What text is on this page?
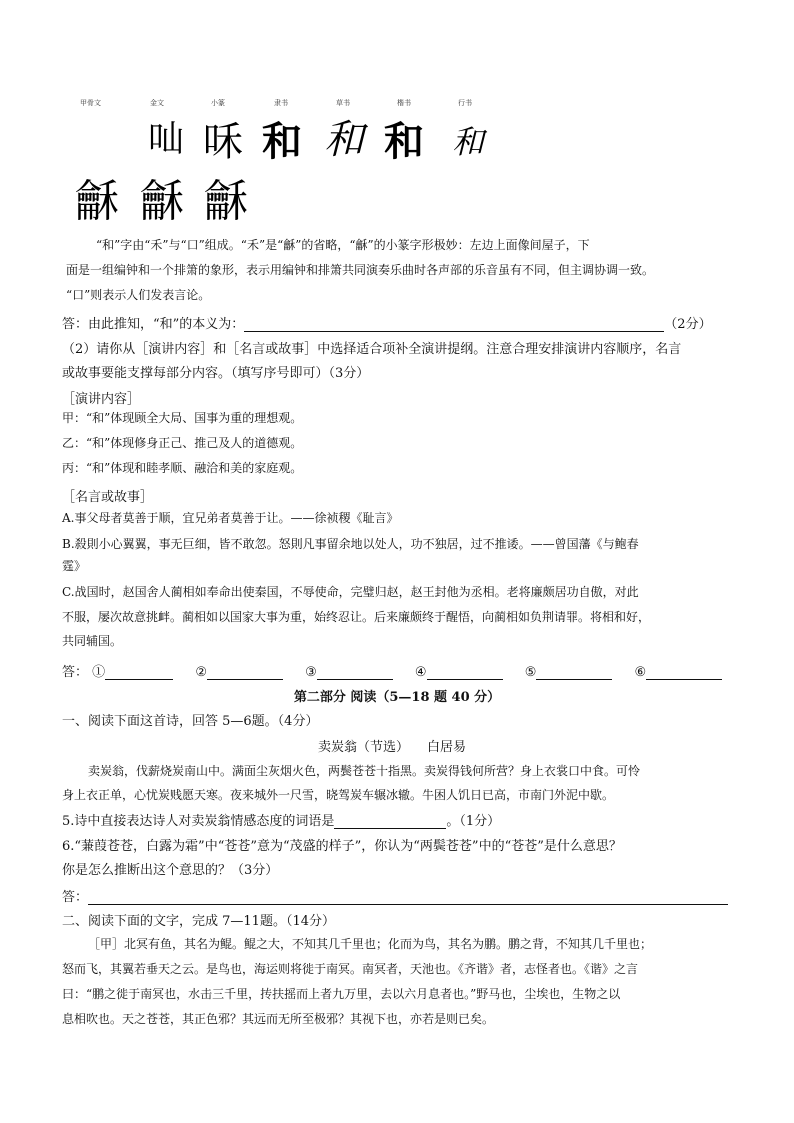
甲骨文	金文	小篆	隶书	草书	楷书	行书
𠮿 咊 和 和 和 和
龢 龢 龢
“和”字由“禾”与“口”组成。“禾”是“龢”的省略，“龢”的小篆字形极妙：左边上面像间屋子，下
面是一组编钟和一个排箫的象形，表示用编钟和排箫共同演奏乐曲时各声部的乐音虽有不同，但主调协调一致。
“口”则表示人们发表言论。
答：由此推知，“和”的本义为：	（2分）
（2）请你从［演讲内容］和［名言或故事］中选择适合项补全演讲提纲。注意合理安排演讲内容顺序，名言
或故事要能支撑每部分内容。（填写序号即可）（3分）
［演讲内容］
甲：“和”体现顾全大局、国事为重的理想观。
乙：“和”体现修身正己、推己及人的道德观。
丙：“和”体现和睦孝顺、融洽和美的家庭观。
［名言或故事］
A.事父母者莫善于顺，宜兄弟者莫善于让。——徐祯稷《耻言》
B.殺則小心翼翼，事无巨细，皆不敢忽。怒則凡事留余地以处人，功不独居，过不推诿。——曾国藩《与鲍春
霆》
C.战国时，赵国舍人蔺相如奉命出使秦国，不辱使命，完璧归赵，赵王封他为丞相。老将廉颇居功自傲，对此
不服，屡次故意挑衅。蔺相如以国家大事为重，始终忍让。后来廉颇终于醒悟，向蔺相如负荆请罪。将相和好，
共同辅国。
答： ①	②	③	④	⑤	⑥
第二部分 阅读（5—18 题 40 分）
一、阅读下面这首诗，回答 5—6题。（4分）
卖炭翁（节选） 白居易
卖炭翁，伐薪烧炭南山中。满面尘灰烟火色，两鬓苍苍十指黑。卖炭得钱何所营？身上衣裳口中食。可怜
身上衣正单，心忧炭贱愿天寒。夜来城外一尺雪，晓驾炭车辗冰辙。牛困人饥日已高，市南门外泥中歇。
5.诗中直接表达诗人对卖炭翁情感态度的词语是	。（1分）
6.“蒹葭苍苍，白露为霜”中“苍苍”意为“茂盛的样子”，你认为“两鬓苍苍”中的“苍苍”是什么意思？
你是怎么推断出这个意思的？（3分）
答：
二、阅读下面的文字，完成 7—11题。（14分）
［甲］北冥有鱼，其名为鲲。鲲之大，不知其几千里也；化而为鸟，其名为鹏。鹏之背，不知其几千里也；
怒而飞，其翼若垂天之云。是鸟也，海运则将徙于南冥。南冥者，天池也。《齐谐》者，志怪者也。《谐》之言
曰：“鹏之徙于南冥也，水击三千里，抟扶摇而上者九万里，去以六月息者也。”野马也，尘埃也，生物之以
息相吹也。天之苍苍，其正色邪？其远而无所至极邪？其视下也，亦若是则已矣。
